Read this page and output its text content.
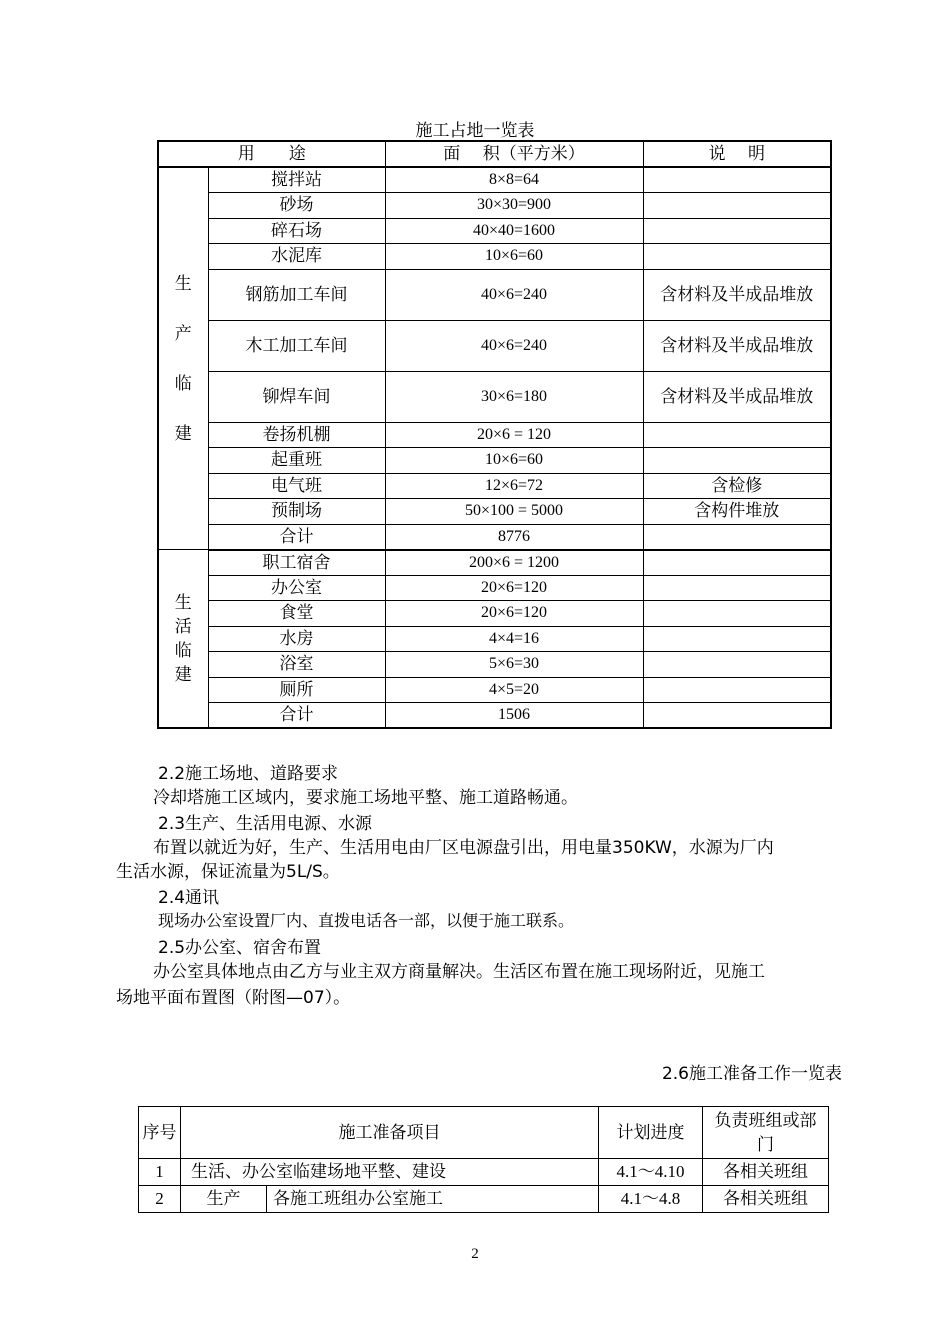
施工占地一览表
用　　途		面　 积（平方米）	说　 明
生
产
临
建	搅拌站	8×8=64	
	砂场	30×30=900	
	碎石场	40×40=1600	
	水泥库	10×6=60	
	钢筋加工车间	40×6=240	含材料及半成品堆放
	木工加工车间	40×6=240	含材料及半成品堆放
	铆焊车间	30×6=180	含材料及半成品堆放
	卷扬机棚	20×6 = 120	
	起重班	10×6=60	
	电气班	12×6=72	含检修
	预制场	50×100 = 5000	含构件堆放
	合计	8776	
生
活
临
建	职工宿舍	200×6 = 1200	
	办公室	20×6=120	
	食堂	20×6=120	
	水房	4×4=16	
	浴室	5×6=30	
	厕所	4×5=20	
	合计	1506	
2.2施工场地、道路要求
冷却塔施工区域内，要求施工场地平整、施工道路畅通。
2.3生产、生活用电源、水源
布置以就近为好，生产、生活用电由厂区电源盘引出，用电量350KW，水源为厂内
生活水源，保证流量为5L/S。
2.4通讯
现场办公室设置厂内、直拨电话各一部，以便于施工联系。
2.5办公室、宿舍布置
办公室具体地点由乙方与业主双方商量解决。生活区布置在施工现场附近，见施工
场地平面布置图（附图—07）。
2.6施工准备工作一览表
序号	施工准备项目		计划进度	负责班组或部门
1	生活、办公室临建场地平整、建设		4.1～4.10	各相关班组
2	生产	各施工班组办公室施工	4.1～4.8	各相关班组
2
